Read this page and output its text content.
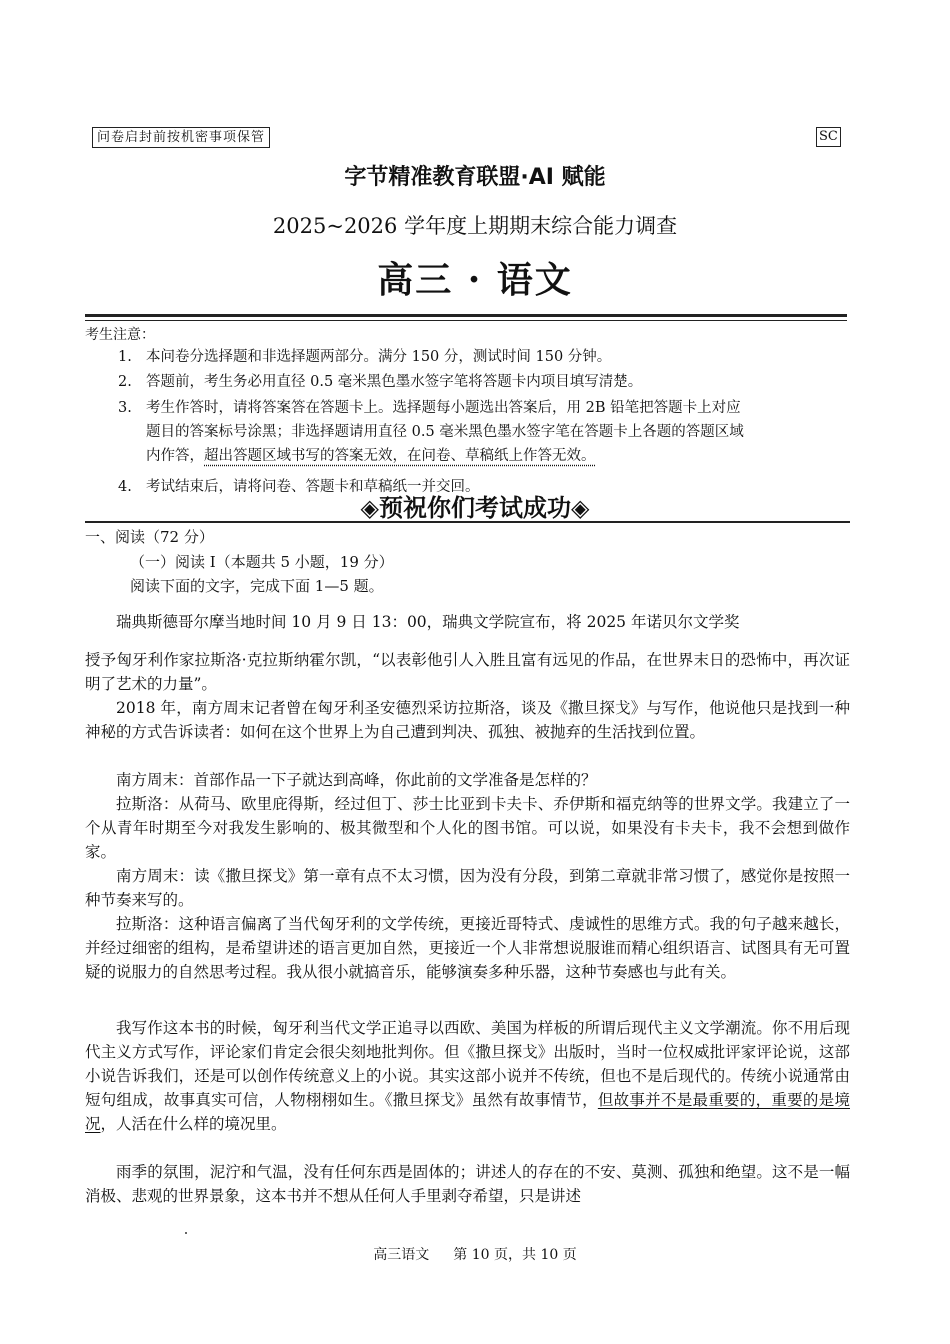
问卷启封前按机密事项保管	SC
字节精准教育联盟·AI 赋能
2025~2026 学年度上期期末综合能力调查
高三 · 语文
考生注意：
1. 本问卷分选择题和非选择题两部分。满分 150 分，测试时间 150 分钟。
2. 答题前，考生务必用直径 0.5 毫米黑色墨水签字笔将答题卡内项目填写清楚。
3. 考生作答时，请将答案答在答题卡上。选择题每小题选出答案后，用 2B 铅笔把答题卡上对应
题目的答案标号涂黑；非选择题请用直径 0.5 毫米黑色墨水签字笔在答题卡上各题的答题区域
内作答，超出答题区域书写的答案无效，在问卷、草稿纸上作答无效。
4. 考试结束后，请将问卷、答题卡和草稿纸一并交回。
◈预祝你们考试成功◈
一、阅读（72 分）
（一）阅读 I（本题共 5 小题，19 分）
阅读下面的文字，完成下面 1—5 题。
瑞典斯德哥尔摩当地时间 10 月 9 日 13：00，瑞典文学院宣布，将 2025 年诺贝尔文学奖
授予匈牙利作家拉斯洛·克拉斯纳霍尔凯，“以表彰他引人入胜且富有远见的作品，在世界末日的恐怖中，再次证明了艺术的力量”。
2018 年，南方周末记者曾在匈牙利圣安德烈采访拉斯洛，谈及《撒旦探戈》与写作，他说他只是找到一种神秘的方式告诉读者：如何在这个世界上为自己遭到判决、孤独、被抛弃的生活找到位置。
南方周末：首部作品一下子就达到高峰，你此前的文学准备是怎样的？
拉斯洛：从荷马、欧里庇得斯，经过但丁、莎士比亚到卡夫卡、乔伊斯和福克纳等的世界文学。我建立了一个从青年时期至今对我发生影响的、极其微型和个人化的图书馆。可以说，如果没有卡夫卡，我不会想到做作家。
南方周末：读《撒旦探戈》第一章有点不太习惯，因为没有分段，到第二章就非常习惯了，感觉你是按照一种节奏来写的。
拉斯洛：这种语言偏离了当代匈牙利的文学传统，更接近哥特式、虔诚性的思维方式。我的句子越来越长，并经过细密的组构，是希望讲述的语言更加自然，更接近一个人非常想说服谁而精心组织语言、试图具有无可置疑的说服力的自然思考过程。我从很小就搞音乐，能够演奏多种乐器，这种节奏感也与此有关。
我写作这本书的时候，匈牙利当代文学正追寻以西欧、美国为样板的所谓后现代主义文学潮流。你不用后现代主义方式写作，评论家们肯定会很尖刻地批判你。但《撒旦探戈》出版时，当时一位权威批评家评论说，这部小说告诉我们，还是可以创作传统意义上的小说。其实这部小说并不传统，但也不是后现代的。传统小说通常由短句组成，故事真实可信，人物栩栩如生。《撒旦探戈》虽然有故事情节，但故事并不是最重要的，重要的是境况，人活在什么样的境况里。
雨季的氛围，泥泞和气温，没有任何东西是固体的；讲述人的存在的不安、莫测、孤独和绝望。这不是一幅消极、悲观的世界景象，这本书并不想从任何人手里剥夺希望，只是讲述
高三语文 第 10 页，共 10 页
